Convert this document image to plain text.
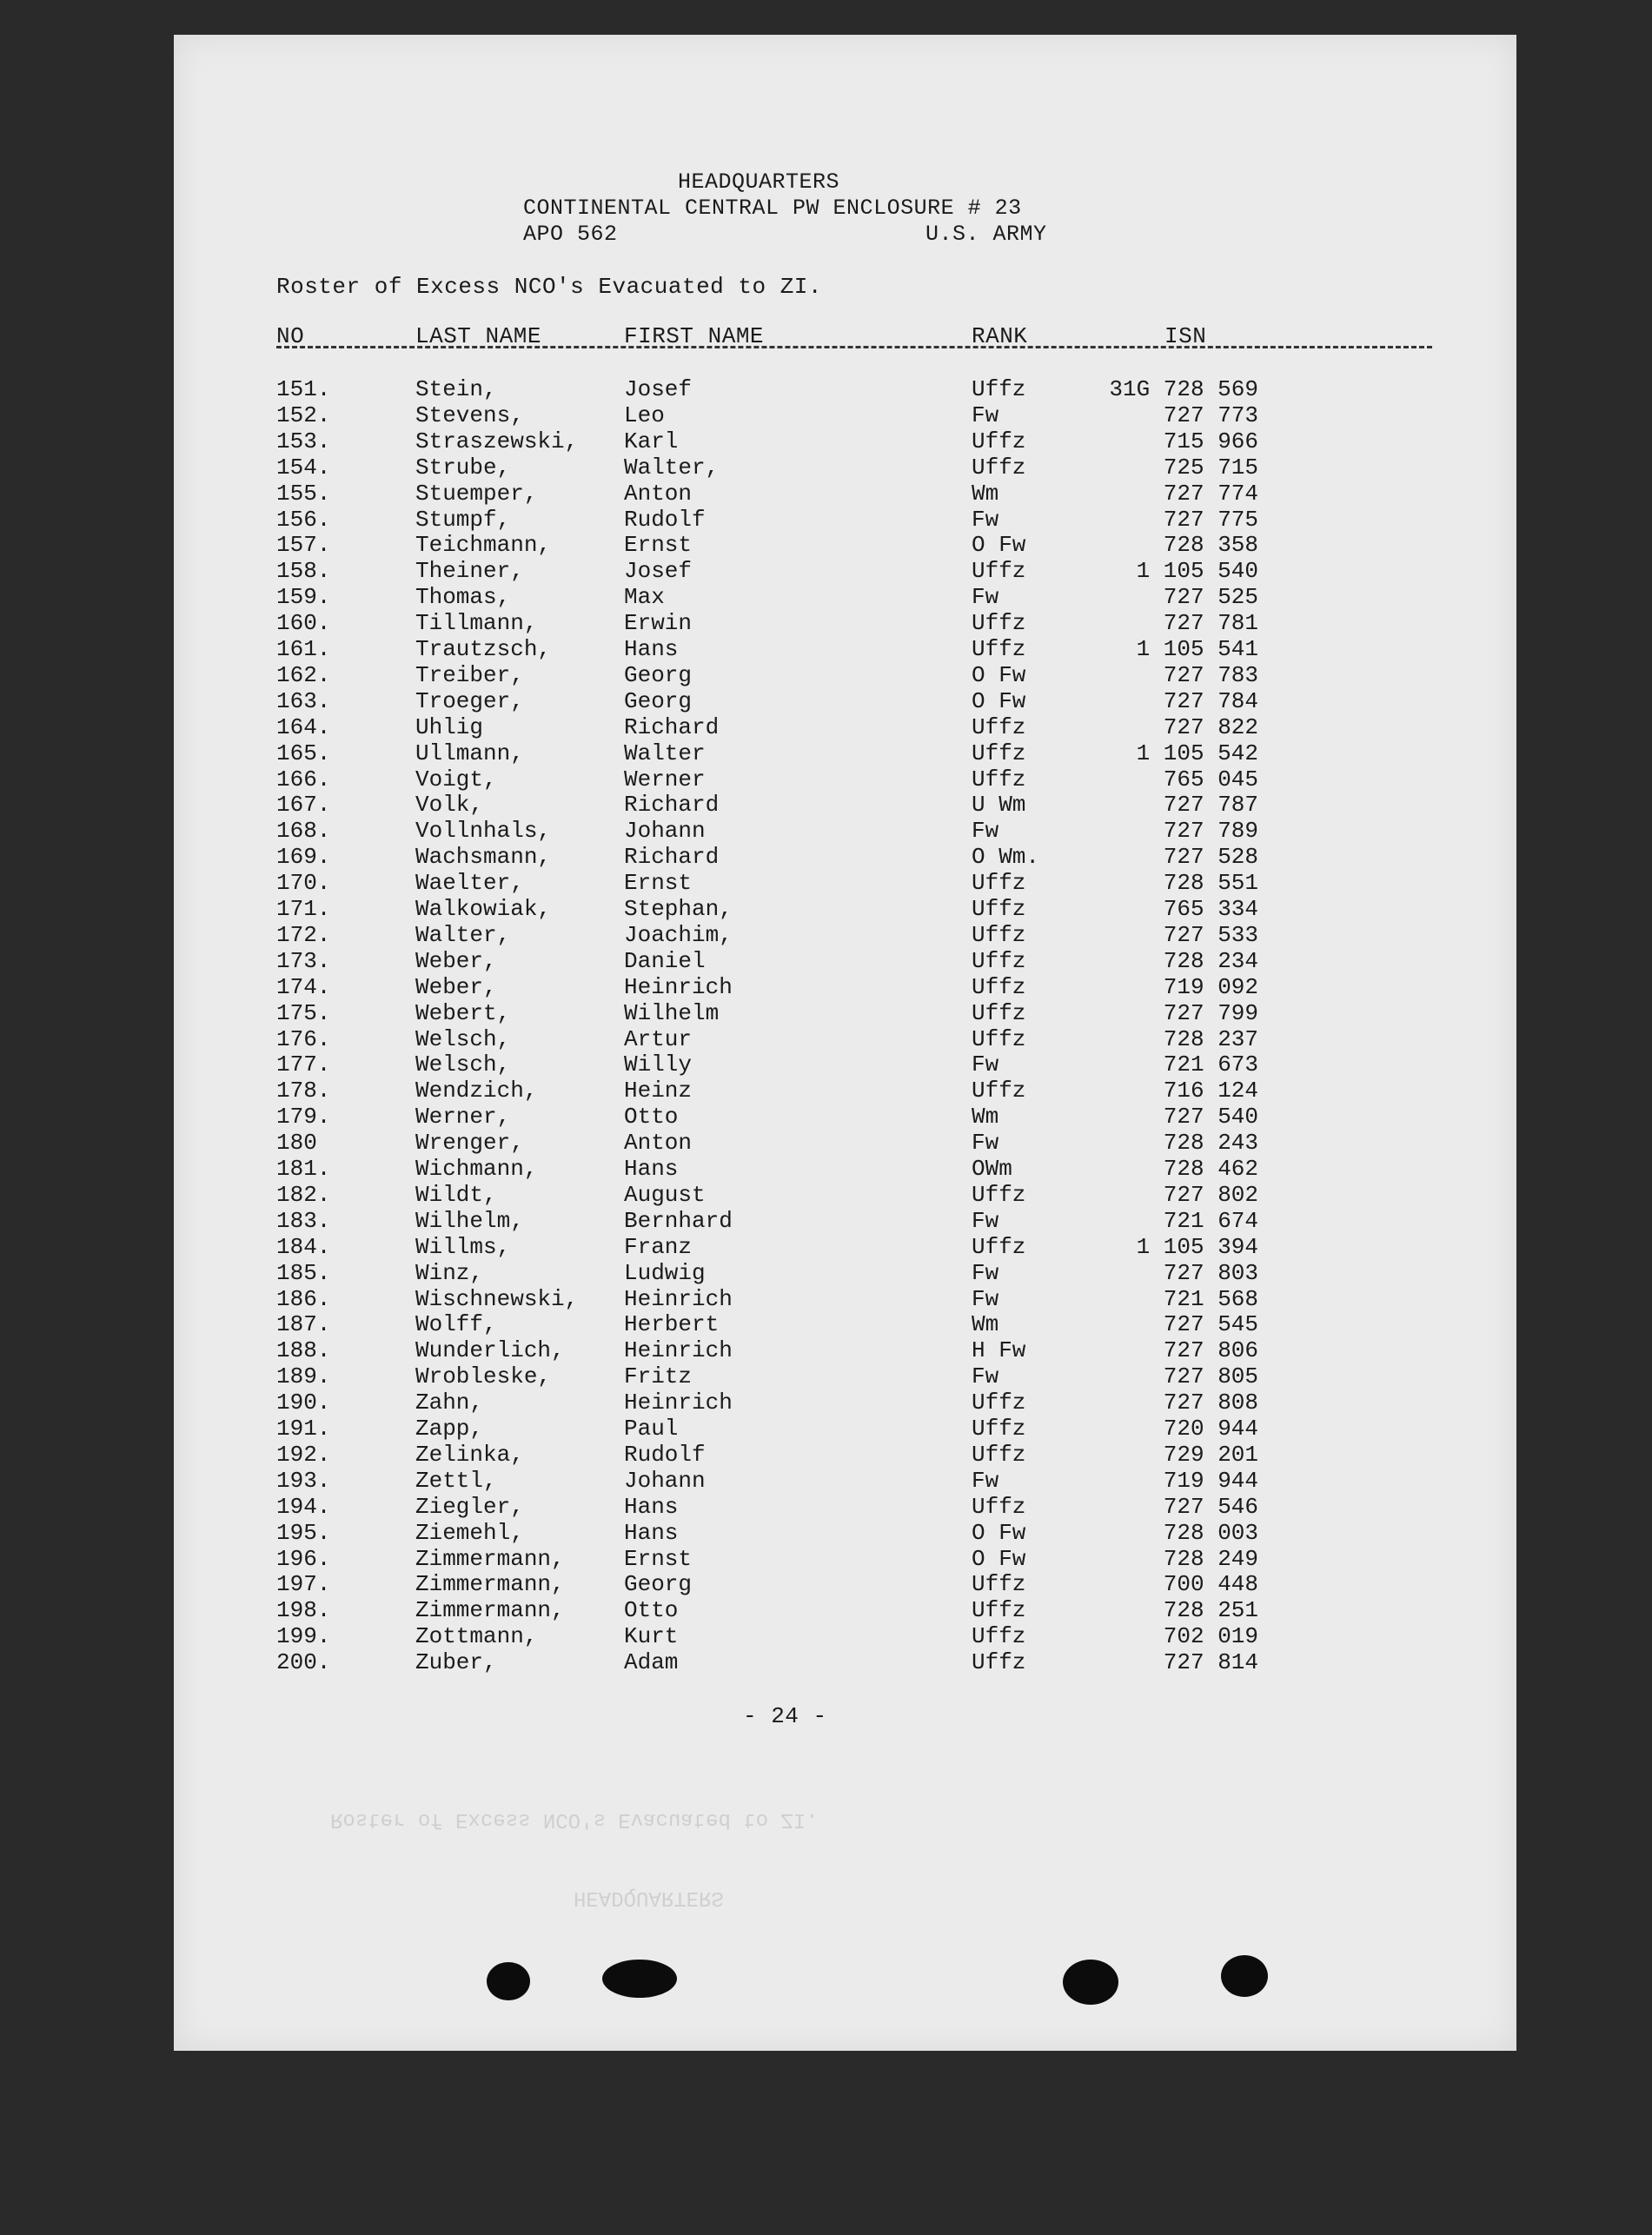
HEADQUARTERS
Roster of Excess NCO's Evacuated to ZI.
HEADQUARTERS
CONTINENTAL CENTRAL PW ENCLOSURE # 23
APO 562	U.S. ARMY
Roster of Excess NCO's Evacuated to ZI.
NO	LAST NAME	FIRST NAME	RANK	ISN
151.	Stein,	Josef	Uffz	31G 728 569
152.	Stevens,	Leo	Fw	727 773
153.	Straszewski, Karl	Uffz	715 966
154.	Strube,	Walter,	Uffz	725 715
155.	Stuemper,	Anton	Wm	727 774
156.	Stumpf,	Rudolf	Fw	727 775
157.	Teichmann,	Ernst	O Fw	728 358
158.	Theiner,	Josef	Uffz	1 105 540
159.	Thomas,	Max	Fw	727 525
160.	Tillmann,	Erwin	Uffz	727 781
161.	Trautzsch,	Hans	Uffz	1 105 541
162.	Treiber,	Georg	O Fw	727 783
163.	Troeger,	Georg	O Fw	727 784
164.	Uhlig	Richard	Uffz	727 822
165.	Ullmann,	Walter	Uffz	1 105 542
166.	Voigt,	Werner	Uffz	765 045
167.	Volk,	Richard	U Wm	727 787
168.	Vollnhals,	Johann	Fw	727 789
169.	Wachsmann,	Richard	O Wm.	727 528
170.	Waelter,	Ernst	Uffz	728 551
171.	Walkowiak,	Stephan,	Uffz	765 334
172.	Walter,	Joachim,	Uffz	727 533
173.	Weber,	Daniel	Uffz	728 234
174.	Weber,	Heinrich	Uffz	719 092
175.	Webert,	Wilhelm	Uffz	727 799
176.	Welsch,	Artur	Uffz	728 237
177.	Welsch,	Willy	Fw	721 673
178.	Wendzich,	Heinz	Uffz	716 124
179.	Werner,	Otto	Wm	727 540
180	Wrenger,	Anton	Fw	728 243
181.	Wichmann,	Hans	OWm	728 462
182.	Wildt,	August	Uffz	727 802
183.	Wilhelm,	Bernhard	Fw	721 674
184.	Willms,	Franz	Uffz	1 105 394
185.	Winz,	Ludwig	Fw	727 803
186.	Wischnewski, Heinrich	Fw	721 568
187.	Wolff,	Herbert	Wm	727 545
188.	Wunderlich,	Heinrich	H Fw	727 806
189.	Wrobleske,	Fritz	Fw	727 805
190.	Zahn,	Heinrich	Uffz	727 808
191.	Zapp,	Paul	Uffz	720 944
192.	Zelinka,	Rudolf	Uffz	729 201
193.	Zettl,	Johann	Fw	719 944
194.	Ziegler,	Hans	Uffz	727 546
195.	Ziemehl,	Hans	O Fw	728 003
196.	Zimmermann,	Ernst	O Fw	728 249
197.	Zimmermann,	Georg	Uffz	700 448
198.	Zimmermann,	Otto	Uffz	728 251
199.	Zottmann,	Kurt	Uffz	702 019
200.	Zuber,	Adam	Uffz	727 814
- 24 -
